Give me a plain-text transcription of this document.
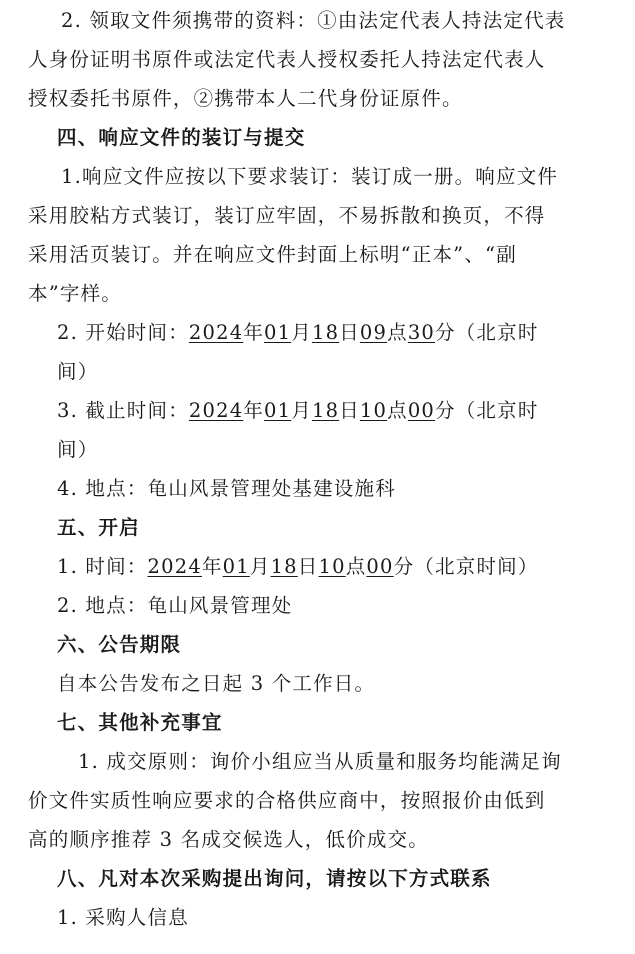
2. 领取文件须携带的资料：①由法定代表人持法定代表
人身份证明书原件或法定代表人授权委托人持法定代表人
授权委托书原件，②携带本人二代身份证原件。
四、响应文件的装订与提交
1.响应文件应按以下要求装订：装订成一册。响应文件
采用胶粘方式装订，装订应牢固，不易拆散和换页，不得
采用活页装订。并在响应文件封面上标明“正本”、“副
本”字样。
2. 开始时间：2024年01月18日09点30分（北京时
间）
3. 截止时间：2024年01月18日10点00分（北京时
间）
4. 地点：龟山风景管理处基建设施科
五、开启
1. 时间：2024年01月18日10点00分（北京时间）
2. 地点：龟山风景管理处
六、公告期限
自本公告发布之日起 3 个工作日。
七、其他补充事宜
1. 成交原则：询价小组应当从质量和服务均能满足询
价文件实质性响应要求的合格供应商中，按照报价由低到
高的顺序推荐 3 名成交候选人，低价成交。
八、凡对本次采购提出询问，请按以下方式联系
1. 采购人信息
